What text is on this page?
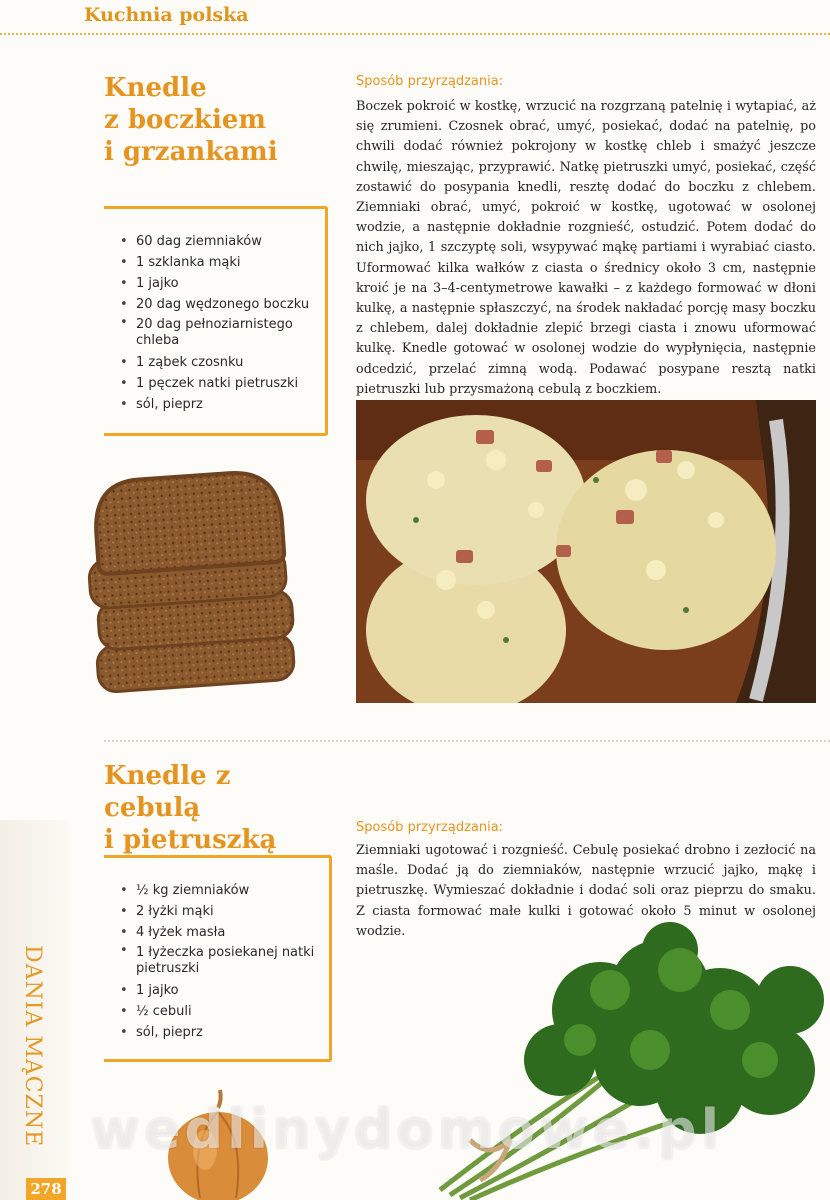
Kuchnia polska
DANIA MĄCZNE
278
Knedle
z boczkiem
i grzankami
• 60 dag ziemniaków
• 1 szklanka mąki
• 1 jajko
• 20 dag wędzonego boczku
• 20 dag pełnoziarnistego chleba
• 1 ząbek czosnku
• 1 pęczek natki pietruszki
• sól, pieprz
Sposób przyrządzania:
Boczek pokroić w kostkę, wrzucić na rozgrzaną patelnię i wytapiać, aż się zrumieni. Czosnek obrać, umyć, posiekać, dodać na patelnię, po chwili dodać również pokrojony w kostkę chleb i smażyć jeszcze chwilę, mieszając, przyprawić. Natkę pietruszki umyć, posiekać, część zostawić do posypania knedli, resztę dodać do boczku z chlebem. Ziemniaki obrać, umyć, pokroić w kostkę, ugotować w osolonej wodzie, a następnie dokładnie rozgnieść, ostudzić. Potem dodać do nich jajko, 1 szczyptę soli, wsypywać mąkę partiami i wyrabiać ciasto. Uformować kilka wałków z ciasta o średnicy około 3 cm, następnie kroić je na 3–4-centymetrowe kawałki – z każdego formować w dłoni kulkę, a następnie spłaszczyć, na środek nakładać porcję masy boczku z chlebem, dalej dokładnie zlepić brzegi ciasta i znowu uformować kulkę. Knedle gotować w osolonej wodzie do wypłynięcia, następnie odcedzić, przelać zimną wodą. Podawać posypane resztą natki pietruszki lub przysmażoną cebulą z boczkiem.
Knedle z cebulą
i pietruszką
• ½ kg ziemniaków
• 2 łyżki mąki
• 4 łyżek masła
• 1 łyżeczka posiekanej natki pietruszki
• 1 jajko
• ½ cebuli
• sól, pieprz
Sposób przyrządzania:
Ziemniaki ugotować i rozgnieść. Cebulę posiekać drobno i zezłocić na maśle. Dodać ją do ziemniaków, następnie wrzucić jajko, mąkę i pietruszkę. Wymieszać dokładnie i dodać soli oraz pieprzu do smaku. Z ciasta formować małe kulki i gotować około 5 minut w osolonej wodzie.
wedlinydomowe.pl
